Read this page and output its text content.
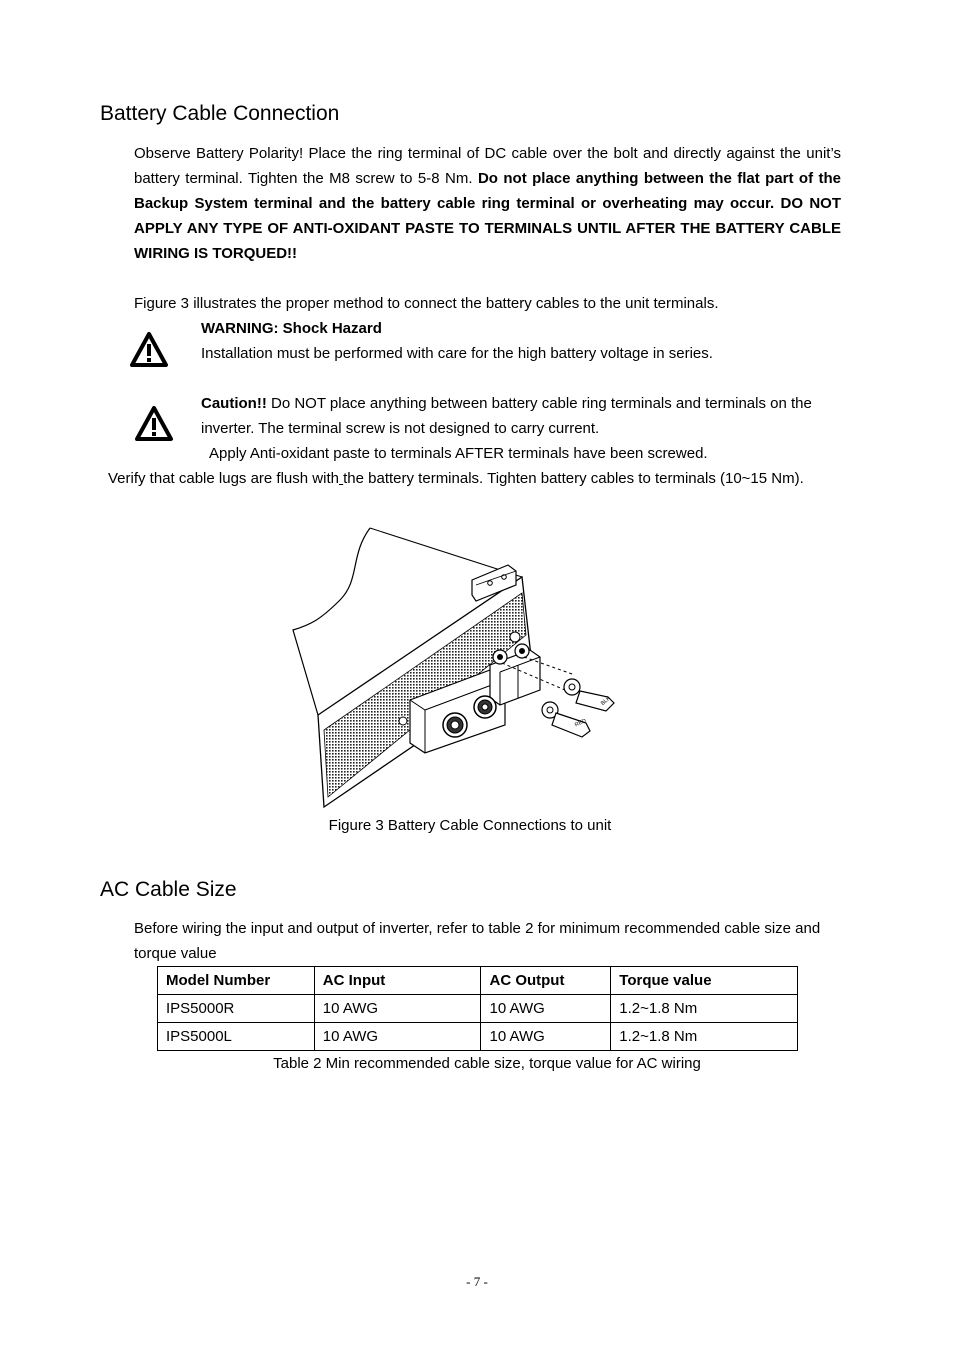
Battery Cable Connection
Observe Battery Polarity! Place the ring terminal of DC cable over the bolt and directly against the unit’s battery terminal. Tighten the M8 screw to 5-8 Nm. Do not place anything between the flat part of the Backup System terminal and the battery cable ring terminal or overheating may occur. DO NOT APPLY ANY TYPE OF ANTI-OXIDANT PASTE TO TERMINALS UNTIL AFTER THE BATTERY CABLE WIRING IS TORQUED!!
Figure 3 illustrates the proper method to connect the battery cables to the unit terminals.
WARNING: Shock Hazard
Installation must be performed with care for the high battery voltage in series.
Caution!! Do NOT place anything between battery cable ring terminals and terminals on the inverter. The terminal screw is not designed to carry current.
Apply Anti-oxidant paste to terminals AFTER terminals have been screwed.
Verify that cable lugs are flush with the battery terminals. Tighten battery cables to terminals (10~15 Nm).
RED
BLK
Figure 3 Battery Cable Connections to unit
AC Cable Size
Before wiring the input and output of inverter, refer to table 2 for minimum recommended cable size and torque value
Model Number	AC Input	AC Output	Torque value
IPS5000R	10 AWG	10 AWG	1.2~1.8 Nm
IPS5000L	10 AWG	10 AWG	1.2~1.8 Nm
Table 2 Min recommended cable size, torque value for AC wiring
- 7 -
